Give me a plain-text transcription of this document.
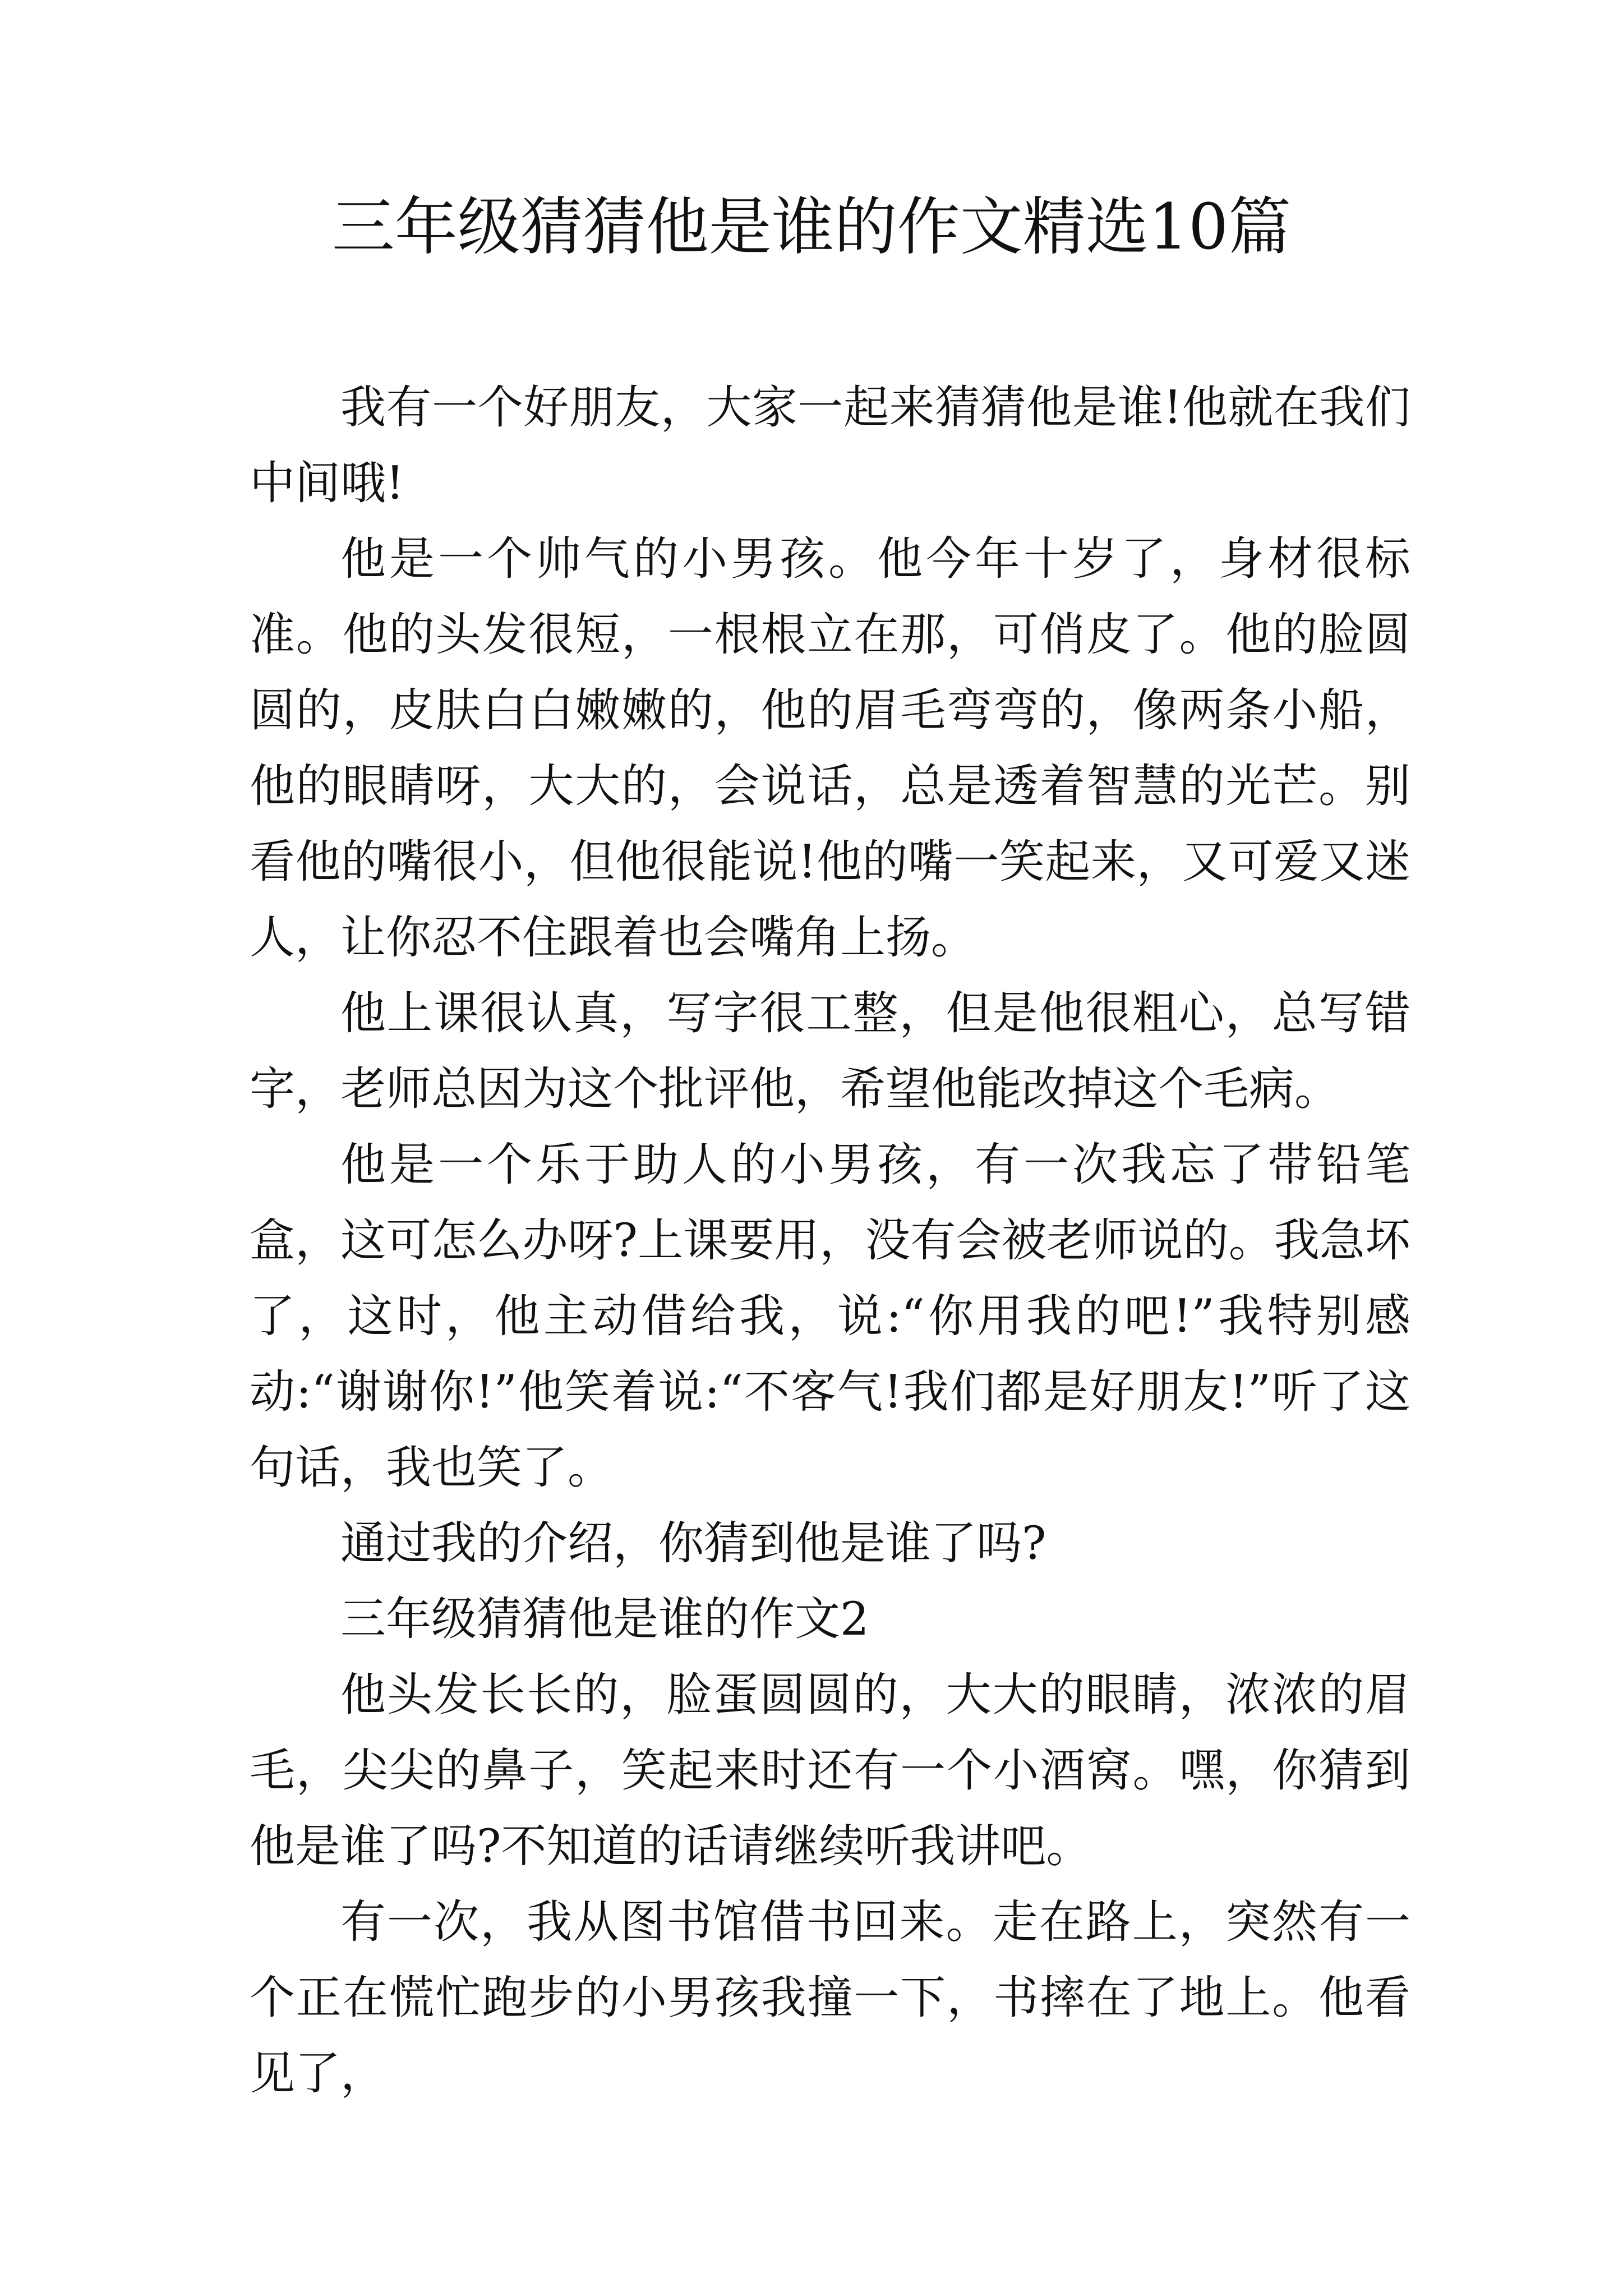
三年级猜猜他是谁的作文精选10篇

我有一个好朋友，大家一起来猜猜他是谁!他就在我们中间哦!

他是一个帅气的小男孩。他今年十岁了，身材很标准。他的头发很短，一根根立在那，可俏皮了。他的脸圆圆的，皮肤白白嫩嫩的，他的眉毛弯弯的，像两条小船，他的眼睛呀，大大的，会说话，总是透着智慧的光芒。别看他的嘴很小，但他很能说!他的嘴一笑起来，又可爱又迷人，让你忍不住跟着也会嘴角上扬。

他上课很认真，写字很工整，但是他很粗心，总写错字，老师总因为这个批评他，希望他能改掉这个毛病。

他是一个乐于助人的小男孩，有一次我忘了带铅笔盒，这可怎么办呀?上课要用，没有会被老师说的。我急坏了，这时，他主动借给我，说:“你用我的吧!”我特别感动:“谢谢你!”他笑着说:“不客气!我们都是好朋友!”听了这句话，我也笑了。

通过我的介绍，你猜到他是谁了吗?

三年级猜猜他是谁的作文2

他头发长长的，脸蛋圆圆的，大大的眼睛，浓浓的眉毛，尖尖的鼻子，笑起来时还有一个小酒窝。嘿，你猜到他是谁了吗?不知道的话请继续听我讲吧。

有一次，我从图书馆借书回来。走在路上，突然有一个正在慌忙跑步的小男孩我撞一下，书摔在了地上。他看见了，
